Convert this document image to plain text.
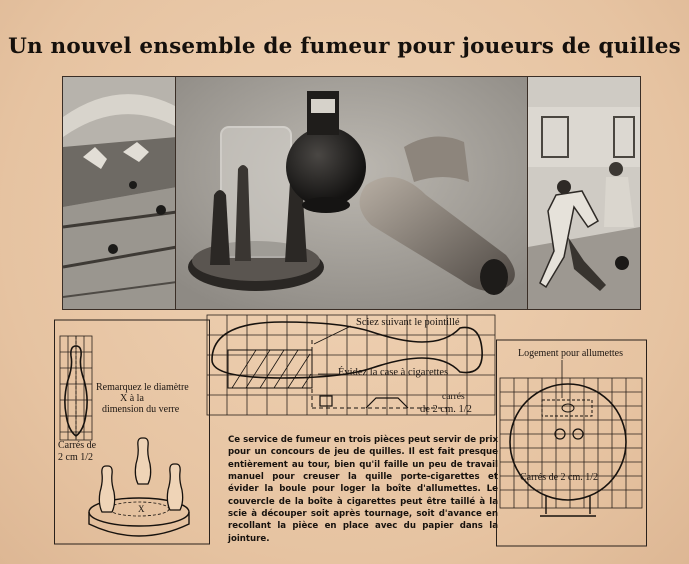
Un nouvel ensemble de fumeur pour joueurs de quilles
X
Remarquez le diamètre
X à la
dimension du verre
Carrés de
2 cm 1/2
Sciez suivant le pointillé
Évidez la case à cigarettes
carrés
de 2 cm. 1/2
Logement pour allumettes
Carrés de 2 cm. 1/2
Ce service de fumeur en trois pièces peut servir de prix pour un concours de jeu de quilles. Il est fait presque entièrement au tour, bien qu'il faille un peu de travail manuel pour creuser la quille porte-cigarettes et évider la boule pour loger la boîte d'allumettes. Le couvercle de la boîte à cigarettes peut être taillé à la scie à découper soit après tournage, soit d'avance en recollant la pièce en place avec du papier dans la jointure.
